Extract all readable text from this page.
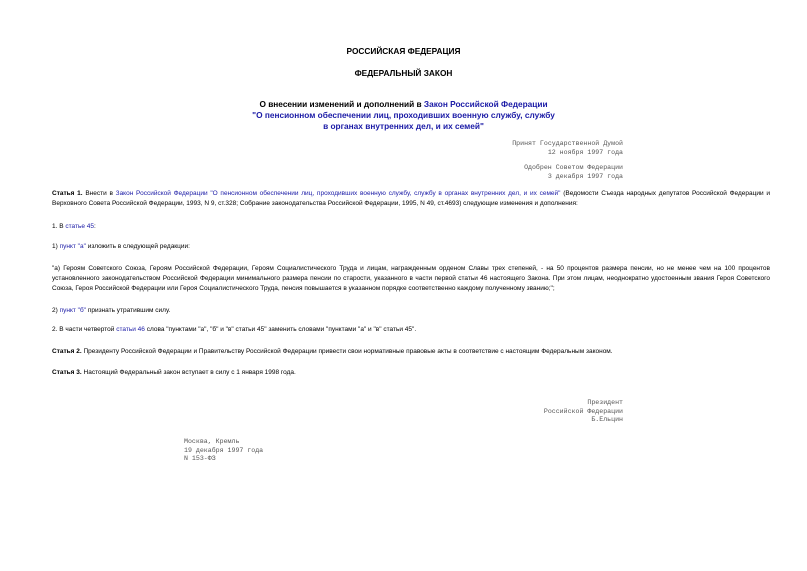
РОССИЙСКАЯ ФЕДЕРАЦИЯ
ФЕДЕРАЛЬНЫЙ ЗАКОН
О внесении изменений и дополнений в Закон Российской Федерации
"О пенсионном обеспечении лиц, проходивших военную службу, службу
в органах внутренних дел, и их семей"
Принят Государственной Думой
12 ноября 1997 года
Одобрен Советом Федерации
3 декабря 1997 года
Статья 1. Внести в Закон Российской Федерации "О пенсионном обеспечении лиц, проходивших военную службу, службу в органах внутренних дел, и их семей" (Ведомости Съезда народных депутатов Российской Федерации и Верховного Совета Российской Федерации, 1993, N 9, ст.328; Собрание законодательства Российской Федерации, 1995, N 49, ст.4693) следующие изменения и дополнения:
1. В статье 45:
1) пункт "а" изложить в следующей редакции:
"а) Героям Советского Союза, Героям Российской Федерации, Героям Социалистического Труда и лицам, награжденным орденом Славы трех степеней, - на 50 процентов размера пенсии, но не менее чем на 100 процентов установленного законодательством Российской Федерации минимального размера пенсии по старости, указанного в части первой статьи 46 настоящего Закона. При этом лицам, неоднократно удостоенным звания Героя Советского Союза, Героя Российской Федерации или Героя Социалистического Труда, пенсия повышается в указанном порядке соответственно каждому полученному званию;";
2) пункт "б" признать утратившим силу.
2. В части четвертой статьи 46 слова "пунктами "а", "б" и "в" статьи 45" заменить словами "пунктами "а" и "в" статьи 45".
Статья 2. Президенту Российской Федерации и Правительству Российской Федерации привести свои нормативные правовые акты в соответствие с настоящим Федеральным законом.
Статья 3. Настоящий Федеральный закон вступает в силу с 1 января 1998 года.
Президент
Российской Федерации
Б.Ельцин
Москва, Кремль
19 декабря 1997 года
N 153-ФЗ
